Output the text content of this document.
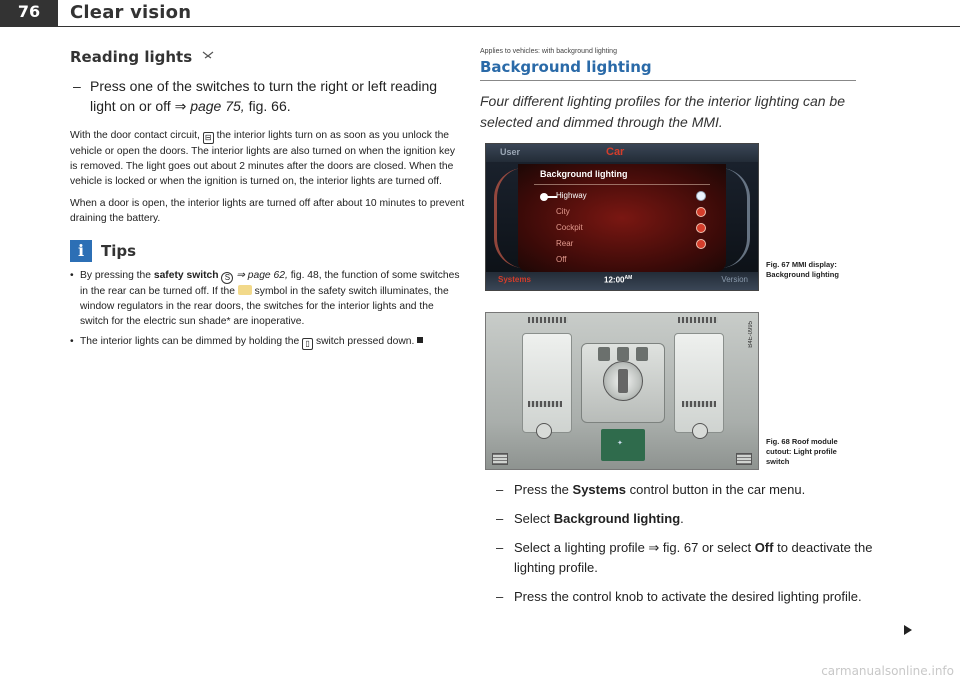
76	Clear vision
Reading lights
– Press one of the switches to turn the right or left reading light on or off ⇒ page 75, fig. 66.

With the door contact circuit, ⊟ the interior lights turn on as soon as you unlock the vehicle or open the doors. The interior lights are also turned on when the ignition key is removed. The light goes out about 2 minutes after the doors are closed. When the vehicle is locked or when the ignition is turned on, the interior lights are turned off.

When a door is open, the interior lights are turned off after about 10 minutes to prevent draining the battery.

i	Tips
• By pressing the safety switch S ⇒ page 62, fig. 48, the function of some switches in the rear can be turned off. If the  symbol in the safety switch illuminates, the window regulators in the rear doors, the switches for the interior lights and the switch for the electric sun shade* are inoperative.
• The interior lights can be dimmed by holding the ▯ switch pressed down.
Applies to vehicles: with background lighting
Background lighting
Four different lighting profiles for the interior lighting can be selected and dimmed through the MMI.
User	Car
Background lighting
Highway
City
Cockpit
Rear
Off
Systems	$12:00^{AM}$	Version
Fig. 67 MMI display: Background lighting
✦
B4E-0995
Fig. 68 Roof module cutout: Light profile switch
– Press the Systems control button in the car menu.
– Select Background lighting.
– Select a lighting profile ⇒ fig. 67 or select Off to deactivate the lighting profile.
– Press the control knob to activate the desired lighting profile.
carmanualsonline.info
